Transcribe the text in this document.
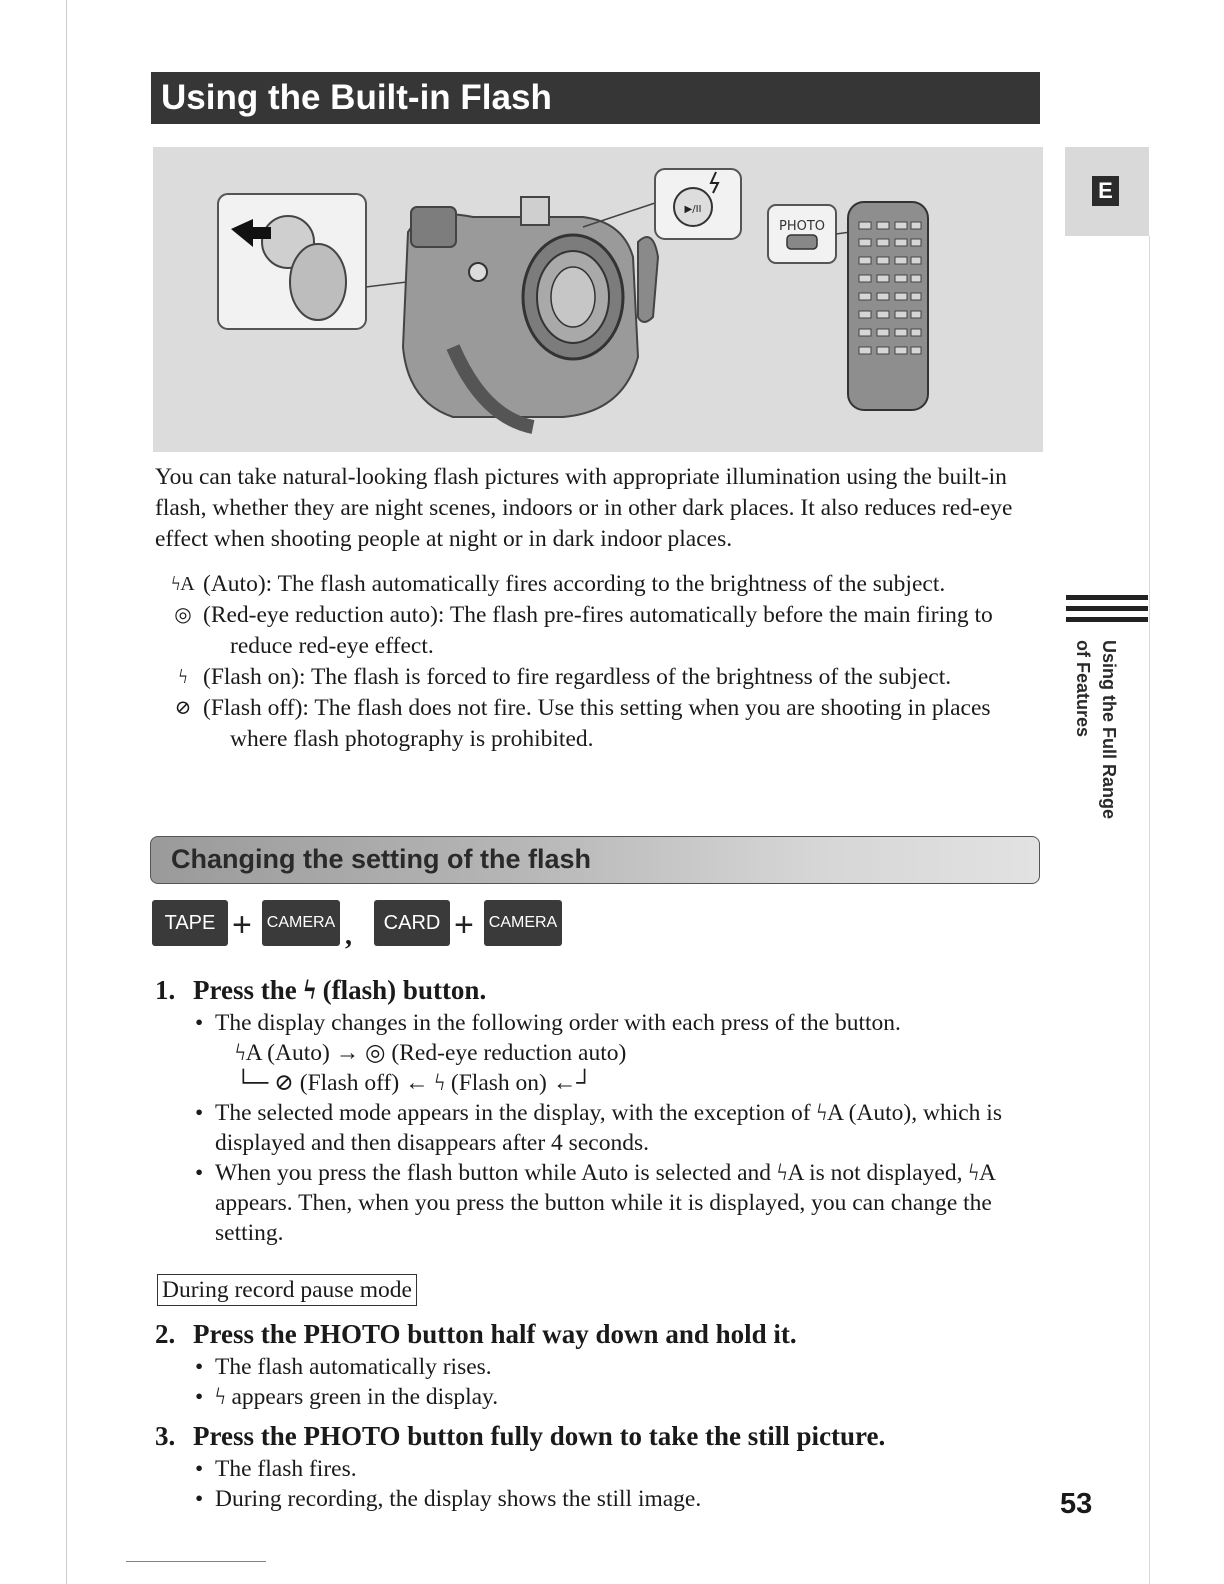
Using the Built-in Flash
▶/II
PHOTO
E
Using the Full Range of Features
You can take natural-looking flash pictures with appropriate illumination using the built-in flash, whether they are night scenes, indoors or in other dark places. It also reduces red-eye effect when shooting people at night or in dark indoor places.
ϟA (Auto): The flash automatically fires according to the brightness of the subject.
◎ (Red-eye reduction auto): The flash pre-fires automatically before the main firing to reduce red-eye effect.
ϟ (Flash on): The flash is forced to fire regardless of the brightness of the subject.
⊘ (Flash off): The flash does not fire. Use this setting when you are shooting in places where flash photography is prohibited.
Changing the setting of the flash
TAPE + CAMERA ,	CARD + CAMERA
1. Press the ϟ (flash) button.
• The display changes in the following order with each press of the button.
ϟA (Auto) → ◎ (Red-eye reduction auto)
└─ ⊘ (Flash off) ← ϟ (Flash on) ←┘
• The selected mode appears in the display, with the exception of ϟA (Auto), which is displayed and then disappears after 4 seconds.
• When you press the flash button while Auto is selected and ϟA is not displayed, ϟA appears. Then, when you press the button while it is displayed, you can change the setting.
During record pause mode
2. Press the PHOTO button half way down and hold it.
• The flash automatically rises.
• ϟ appears green in the display.
3. Press the PHOTO button fully down to take the still picture.
• The flash fires.
• During recording, the display shows the still image.	53
